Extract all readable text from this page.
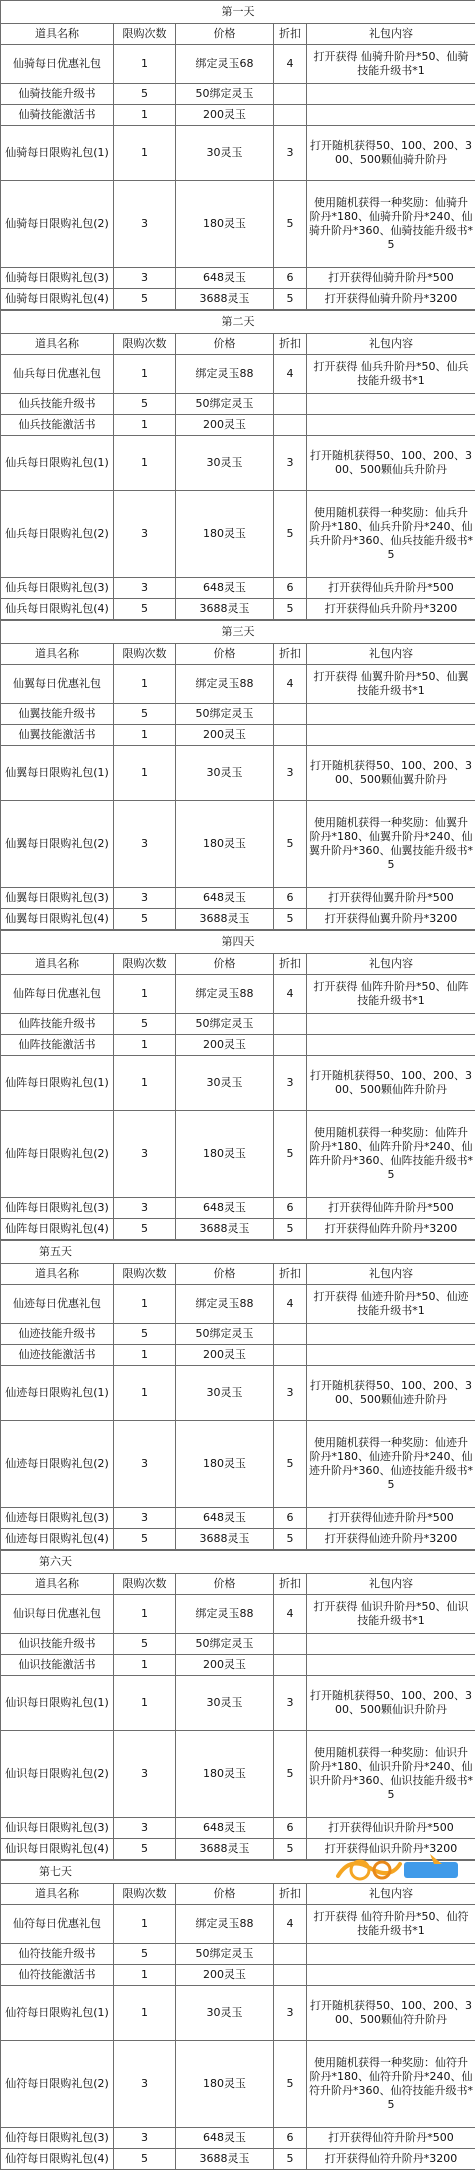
第一天				
道具名称	限购次数	价格	折扣	礼包内容
仙骑每日优惠礼包	1	绑定灵玉68	4	打开获得 仙骑升阶丹*50、仙骑技能升级书*1
仙骑技能升级书	5	50绑定灵玉		
仙骑技能激活书	1	200灵玉		
仙骑每日限购礼包(1)	1	30灵玉	3	打开随机获得50、100、200、300、500颗仙骑升阶丹
仙骑每日限购礼包(2)	3	180灵玉	5	使用随机获得一种奖励：仙骑升阶丹*180、仙骑升阶丹*240、仙骑升阶丹*360、仙骑技能升级书*5
仙骑每日限购礼包(3)	3	648灵玉	6	打开获得仙骑升阶丹*500
仙骑每日限购礼包(4)	5	3688灵玉	5	打开获得仙骑升阶丹*3200
第二天				
道具名称	限购次数	价格	折扣	礼包内容
仙兵每日优惠礼包	1	绑定灵玉88	4	打开获得 仙兵升阶丹*50、仙兵技能升级书*1
仙兵技能升级书	5	50绑定灵玉		
仙兵技能激活书	1	200灵玉		
仙兵每日限购礼包(1)	1	30灵玉	3	打开随机获得50、100、200、300、500颗仙兵升阶丹
仙兵每日限购礼包(2)	3	180灵玉	5	使用随机获得一种奖励：仙兵升阶丹*180、仙兵升阶丹*240、仙兵升阶丹*360、仙兵技能升级书*5
仙兵每日限购礼包(3)	3	648灵玉	6	打开获得仙兵升阶丹*500
仙兵每日限购礼包(4)	5	3688灵玉	5	打开获得仙兵升阶丹*3200
第三天				
道具名称	限购次数	价格	折扣	礼包内容
仙翼每日优惠礼包	1	绑定灵玉88	4	打开获得 仙翼升阶丹*50、仙翼技能升级书*1
仙翼技能升级书	5	50绑定灵玉		
仙翼技能激活书	1	200灵玉		
仙翼每日限购礼包(1)	1	30灵玉	3	打开随机获得50、100、200、300、500颗仙翼升阶丹
仙翼每日限购礼包(2)	3	180灵玉	5	使用随机获得一种奖励：仙翼升阶丹*180、仙翼升阶丹*240、仙翼升阶丹*360、仙翼技能升级书*5
仙翼每日限购礼包(3)	3	648灵玉	6	打开获得仙翼升阶丹*500
仙翼每日限购礼包(4)	5	3688灵玉	5	打开获得仙翼升阶丹*3200
第四天				
道具名称	限购次数	价格	折扣	礼包内容
仙阵每日优惠礼包	1	绑定灵玉88	4	打开获得 仙阵升阶丹*50、仙阵技能升级书*1
仙阵技能升级书	5	50绑定灵玉		
仙阵技能激活书	1	200灵玉		
仙阵每日限购礼包(1)	1	30灵玉	3	打开随机获得50、100、200、300、500颗仙阵升阶丹
仙阵每日限购礼包(2)	3	180灵玉	5	使用随机获得一种奖励：仙阵升阶丹*180、仙阵升阶丹*240、仙阵升阶丹*360、仙阵技能升级书*5
仙阵每日限购礼包(3)	3	648灵玉	6	打开获得仙阵升阶丹*500
仙阵每日限购礼包(4)	5	3688灵玉	5	打开获得仙阵升阶丹*3200
第五天				
道具名称	限购次数	价格	折扣	礼包内容
仙迹每日优惠礼包	1	绑定灵玉88	4	打开获得 仙迹升阶丹*50、仙迹技能升级书*1
仙迹技能升级书	5	50绑定灵玉		
仙迹技能激活书	1	200灵玉		
仙迹每日限购礼包(1)	1	30灵玉	3	打开随机获得50、100、200、300、500颗仙迹升阶丹
仙迹每日限购礼包(2)	3	180灵玉	5	使用随机获得一种奖励：仙迹升阶丹*180、仙迹升阶丹*240、仙迹升阶丹*360、仙迹技能升级书*5
仙迹每日限购礼包(3)	3	648灵玉	6	打开获得仙迹升阶丹*500
仙迹每日限购礼包(4)	5	3688灵玉	5	打开获得仙迹升阶丹*3200
第六天				
道具名称	限购次数	价格	折扣	礼包内容
仙识每日优惠礼包	1	绑定灵玉88	4	打开获得 仙识升阶丹*50、仙识技能升级书*1
仙识技能升级书	5	50绑定灵玉		
仙识技能激活书	1	200灵玉		
仙识每日限购礼包(1)	1	30灵玉	3	打开随机获得50、100、200、300、500颗仙识升阶丹
仙识每日限购礼包(2)	3	180灵玉	5	使用随机获得一种奖励：仙识升阶丹*180、仙识升阶丹*240、仙识升阶丹*360、仙识技能升级书*5
仙识每日限购礼包(3)	3	648灵玉	6	打开获得仙识升阶丹*500
仙识每日限购礼包(4)	5	3688灵玉	5	打开获得仙识升阶丹*3200
第七天				
道具名称	限购次数	价格	折扣	礼包内容
仙符每日优惠礼包	1	绑定灵玉88	4	打开获得 仙符升阶丹*50、仙符技能升级书*1
仙符技能升级书	5	50绑定灵玉		
仙符技能激活书	1	200灵玉		
仙符每日限购礼包(1)	1	30灵玉	3	打开随机获得50、100、200、300、500颗仙符升阶丹
仙符每日限购礼包(2)	3	180灵玉	5	使用随机获得一种奖励：仙符升阶丹*180、仙符升阶丹*240、仙符升阶丹*360、仙符技能升级书*5
仙符每日限购礼包(3)	3	648灵玉	6	打开获得仙符升阶丹*500
仙符每日限购礼包(4)	5	3688灵玉	5	打开获得仙符升阶丹*3200
